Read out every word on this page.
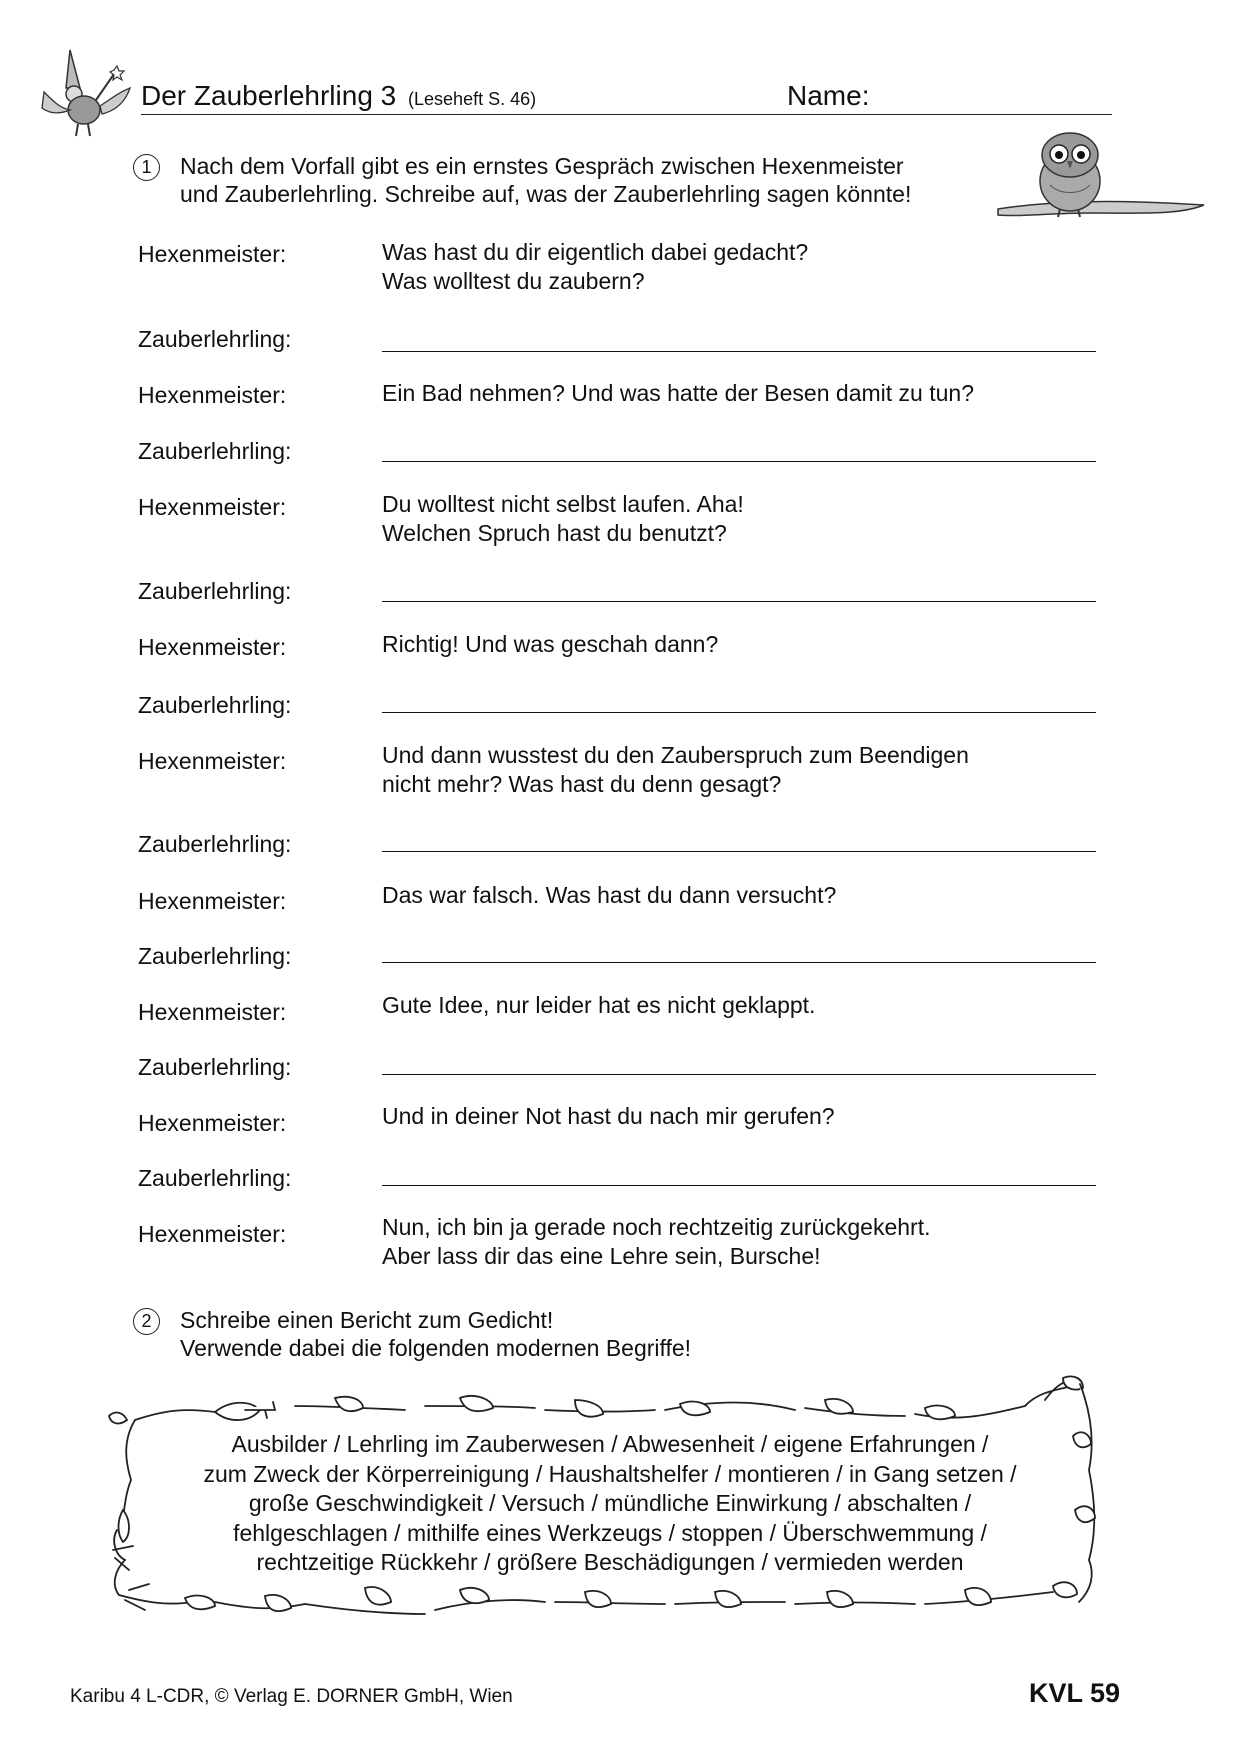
Der Zauberlehrling 3 (Leseheft S. 46)	Name:
1	Nach dem Vorfall gibt es ein ernstes Gespräch zwischen Hexenmeister
und Zauberlehrling. Schreibe auf, was der Zauberlehrling sagen könnte!
Hexenmeister:	Was hast du dir eigentlich dabei gedacht?
Was wolltest du zaubern?
Zauberlehrling:
Hexenmeister:	Ein Bad nehmen? Und was hatte der Besen damit zu tun?
Zauberlehrling:
Hexenmeister:	Du wolltest nicht selbst laufen. Aha!
Welchen Spruch hast du benutzt?
Zauberlehrling:
Hexenmeister:	Richtig! Und was geschah dann?
Zauberlehrling:
Hexenmeister:	Und dann wusstest du den Zauberspruch zum Beendigen
nicht mehr? Was hast du denn gesagt?
Zauberlehrling:
Hexenmeister:	Das war falsch. Was hast du dann versucht?
Zauberlehrling:
Hexenmeister:	Gute Idee, nur leider hat es nicht geklappt.
Zauberlehrling:
Hexenmeister:	Und in deiner Not hast du nach mir gerufen?
Zauberlehrling:
Hexenmeister:	Nun, ich bin ja gerade noch rechtzeitig zurückgekehrt.
Aber lass dir das eine Lehre sein, Bursche!
2	Schreibe einen Bericht zum Gedicht!
Verwende dabei die folgenden modernen Begriffe!
Ausbilder / Lehrling im Zauberwesen / Abwesenheit / eigene Erfahrungen /
zum Zweck der Körperreinigung / Haushaltshelfer / montieren / in Gang setzen /
große Geschwindigkeit / Versuch / mündliche Einwirkung / abschalten /
fehlgeschlagen / mithilfe eines Werkzeugs / stoppen / Überschwemmung /
rechtzeitige Rückkehr / größere Beschädigungen / vermieden werden
Karibu 4 L-CDR, © Verlag E. DORNER GmbH, Wien	KVL 59
